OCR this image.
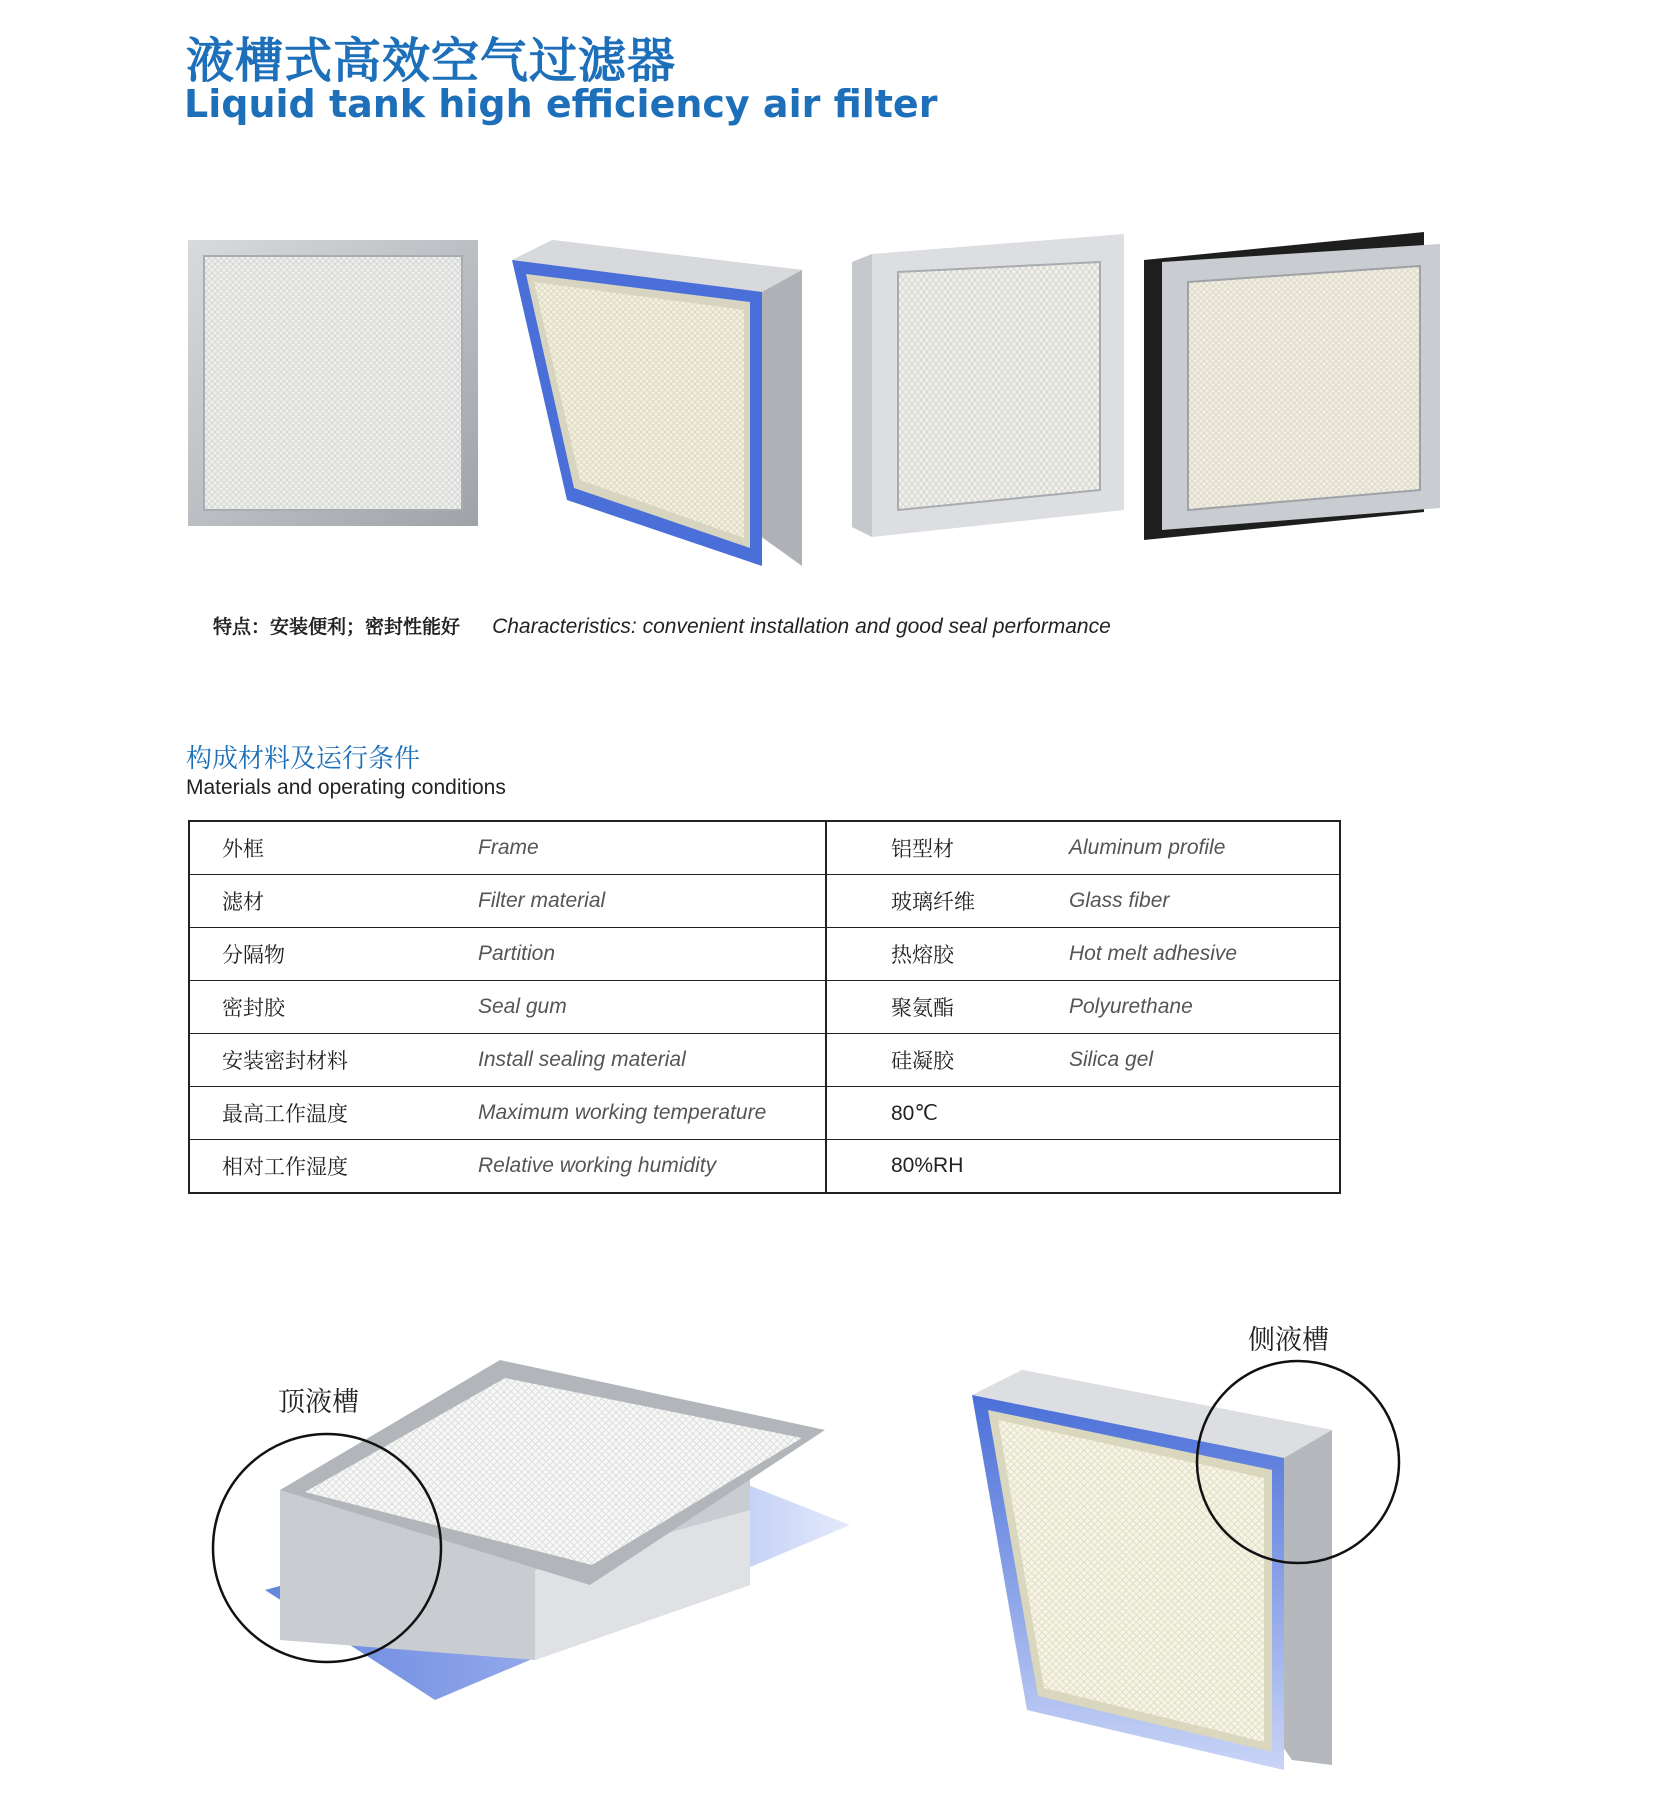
液槽式高效空气过滤器
Liquid tank high efficiency air filter
特点：安装便利；密封性能好 Characteristics: convenient installation and good seal performance
构成材料及运行条件
Materials and operating conditions
外框	Frame	铝型材	Aluminum profile
滤材	Filter material	玻璃纤维	Glass fiber
分隔物	Partition	热熔胶	Hot melt adhesive
密封胶	Seal gum	聚氨酯	Polyurethane
安装密封材料	Install sealing material	硅凝胶	Silica gel
最高工作温度	Maximum working temperature	80℃	
相对工作湿度	Relative working humidity	80%RH	
顶液槽
侧液槽
